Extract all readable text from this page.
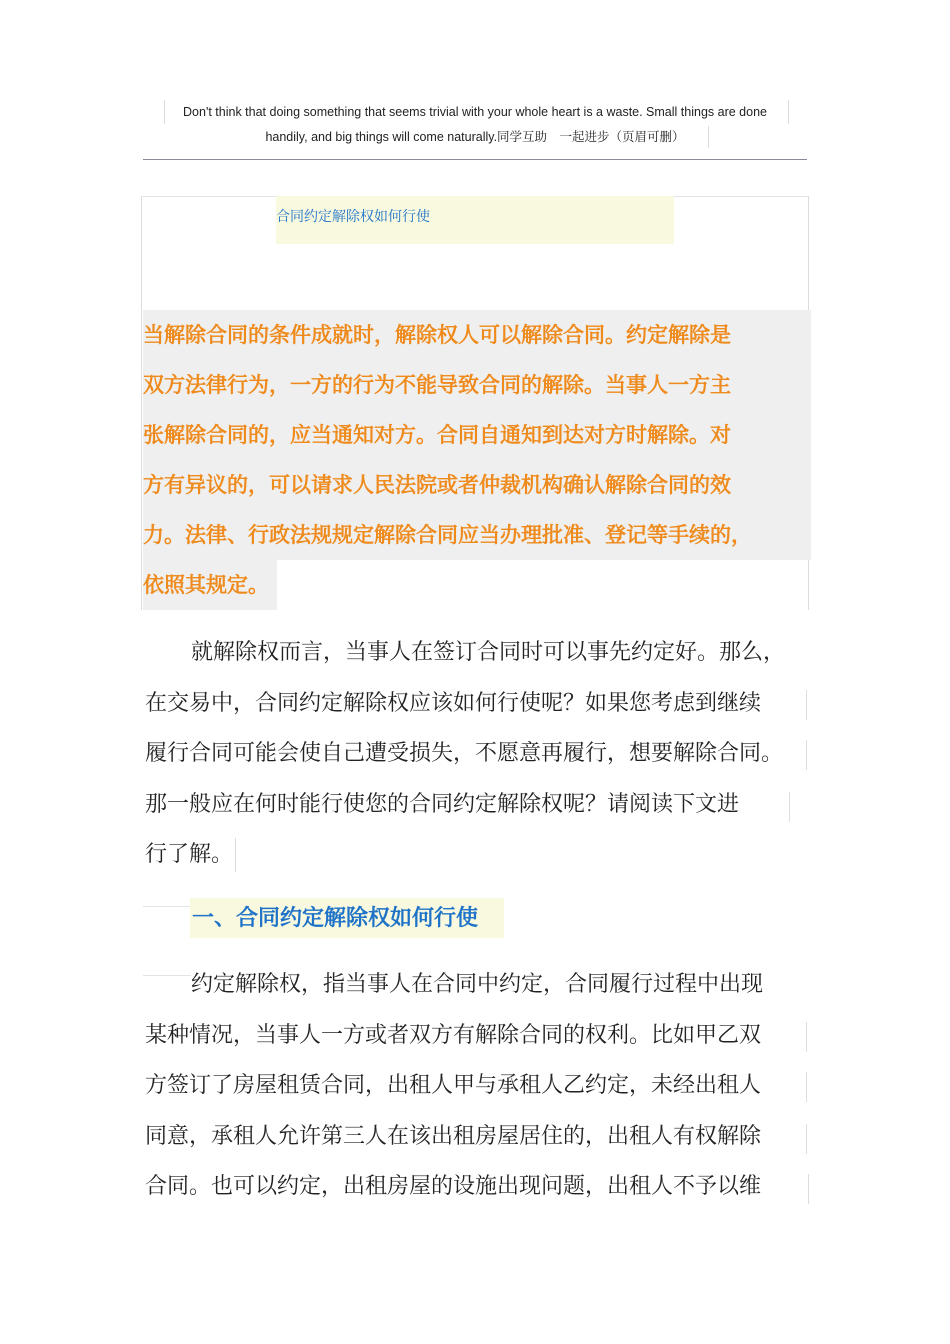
Don't think that doing something that seems trivial with your whole heart is a waste. Small things are done
handily, and big things will come naturally.同学互助　一起进步（页眉可删）
合同约定解除权如何行使
当解除合同的条件成就时，解除权人可以解除合同。约定解除是
双方法律行为，一方的行为不能导致合同的解除。当事人一方主
张解除合同的，应当通知对方。合同自通知到达对方时解除。对
方有异议的，可以请求人民法院或者仲裁机构确认解除合同的效
力。法律、行政法规规定解除合同应当办理批准、登记等手续的，
依照其规定。
就解除权而言，当事人在签订合同时可以事先约定好。那么，
在交易中，合同约定解除权应该如何行使呢？如果您考虑到继续
履行合同可能会使自己遭受损失，不愿意再履行，想要解除合同。
那一般应在何时能行使您的合同约定解除权呢？请阅读下文进
行了解。
一、合同约定解除权如何行使
约定解除权，指当事人在合同中约定，合同履行过程中出现
某种情况，当事人一方或者双方有解除合同的权利。比如甲乙双
方签订了房屋租赁合同，出租人甲与承租人乙约定，未经出租人
同意，承租人允许第三人在该出租房屋居住的，出租人有权解除
合同。也可以约定，出租房屋的设施出现问题，出租人不予以维
